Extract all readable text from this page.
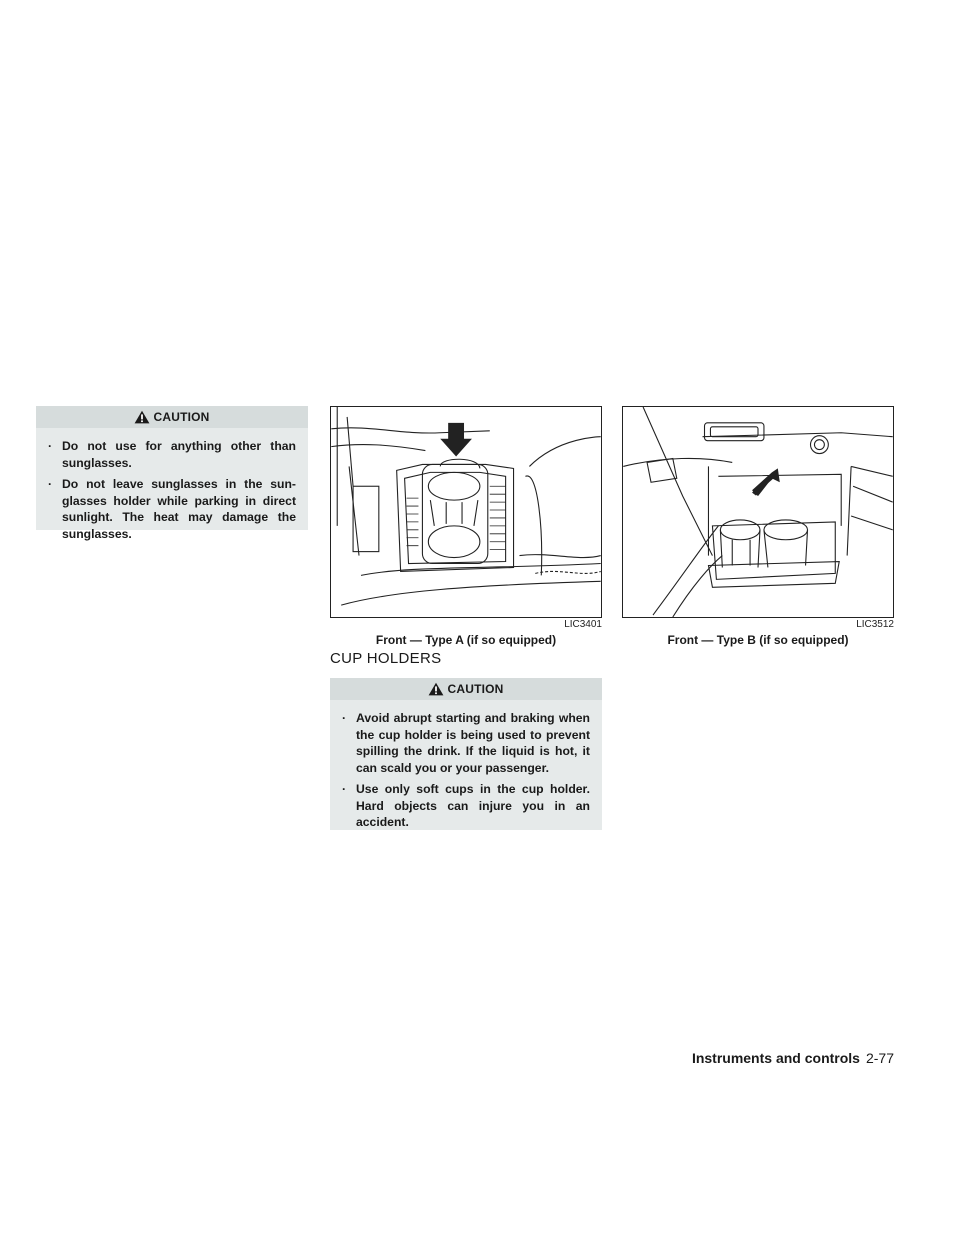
CAUTION
· Do not use for anything other than sunglasses.
· Do not leave sunglasses in the sun-glasses holder while parking in direct sunlight. The heat may damage the sunglasses.
LIC3401
Front — Type A (if so equipped)
LIC3512
Front — Type B (if so equipped)
CUP HOLDERS
CAUTION
· Avoid abrupt starting and braking when the cup holder is being used to prevent spilling the drink. If the liquid is hot, it can scald you or your passenger.
· Use only soft cups in the cup holder. Hard objects can injure you in an accident.
Instruments and controls 2-77
